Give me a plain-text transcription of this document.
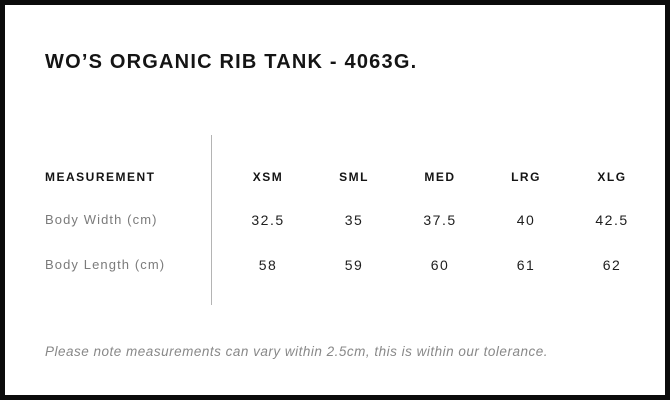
WO’S ORGANIC RIB TANK - 4063G.
MEASUREMENT	XSM	SML	MED	LRG	XLG
Body Width (cm)	32.5	35	37.5	40	42.5
Body Length (cm)	58	59	60	61	62
Please note measurements can vary within 2.5cm, this is within our tolerance.
